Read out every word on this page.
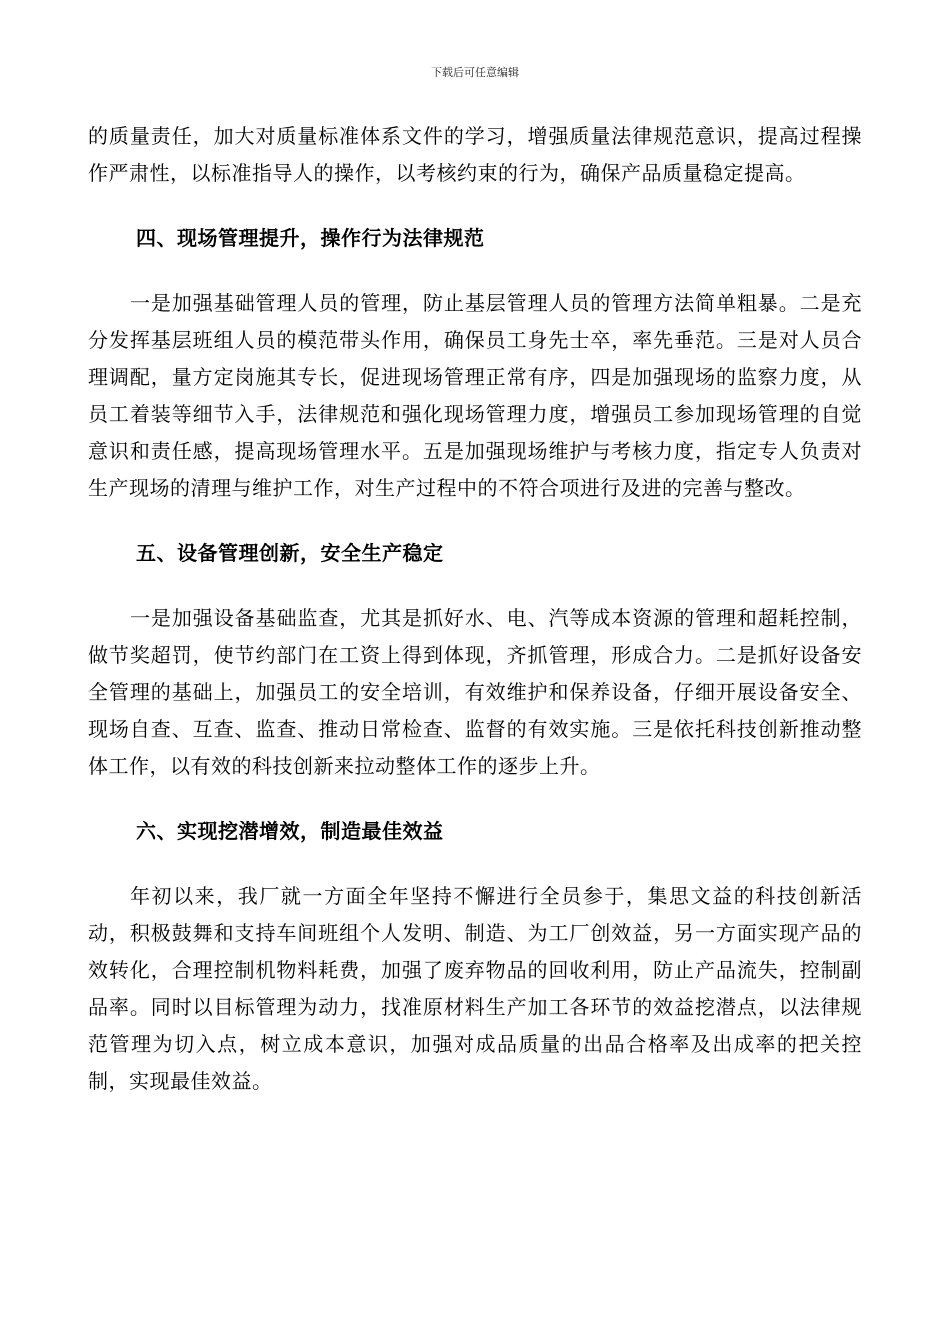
下载后可任意编辑

的质量责任，加大对质量标准体系文件的学习，增强质量法律规范意识，提高过程操作严肃性，以标准指导人的操作，以考核约束的行为，确保产品质量稳定提高。

四、现场管理提升，操作行为法律规范

一是加强基础管理人员的管理，防止基层管理人员的管理方法简单粗暴。二是充分发挥基层班组人员的模范带头作用，确保员工身先士卒，率先垂范。三是对人员合理调配，量方定岗施其专长，促进现场管理正常有序，四是加强现场的监察力度，从员工着装等细节入手，法律规范和强化现场管理力度，增强员工参加现场管理的自觉意识和责任感，提高现场管理水平。五是加强现场维护与考核力度，指定专人负责对生产现场的清理与维护工作，对生产过程中的不符合项进行及进的完善与整改。

五、设备管理创新，安全生产稳定

一是加强设备基础监查，尤其是抓好水、电、汽等成本资源的管理和超耗控制，做节奖超罚，使节约部门在工资上得到体现，齐抓管理，形成合力。二是抓好设备安全管理的基础上，加强员工的安全培训，有效维护和保养设备，仔细开展设备安全、现场自查、互查、监查、推动日常检查、监督的有效实施。三是依托科技创新推动整体工作，以有效的科技创新来拉动整体工作的逐步上升。

六、实现挖潜增效，制造最佳效益

年初以来，我厂就一方面全年坚持不懈进行全员参于，集思文益的科技创新活动，积极鼓舞和支持车间班组个人发明、制造、为工厂创效益，另一方面实现产品的效转化，合理控制机物料耗费，加强了废弃物品的回收利用，防止产品流失，控制副品率。同时以目标管理为动力，找准原材料生产加工各环节的效益挖潜点，以法律规范管理为切入点，树立成本意识，加强对成品质量的出品合格率及出成率的把关控制，实现最佳效益。
